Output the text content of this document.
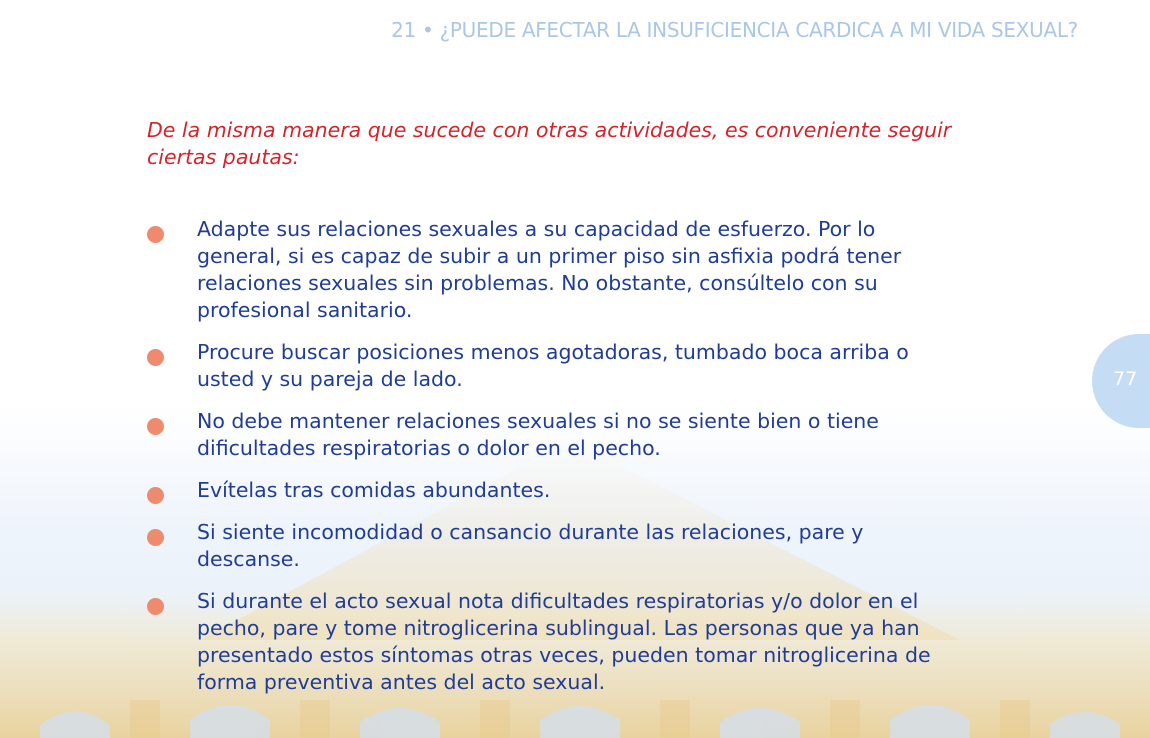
21 • ¿PUEDE AFECTAR LA INSUFICIENCIA CARDICA A MI VIDA SEXUAL?
De la misma manera que sucede con otras actividades, es conveniente seguir ciertas pautas:
Adapte sus relaciones sexuales a su capacidad de esfuerzo. Por lo general, si es capaz de subir a un primer piso sin asfixia podrá tener relaciones sexuales sin problemas. No obstante, consúltelo con su profesional sanitario.
Procure buscar posiciones menos agotadoras, tumbado boca arriba o usted y su pareja de lado.
No debe mantener relaciones sexuales si no se siente bien o tiene dificultades respiratorias o dolor en el pecho.
Evítelas tras comidas abundantes.
Si siente incomodidad o cansancio durante las relaciones, pare y descanse.
Si durante el acto sexual nota dificultades respiratorias y/o dolor en el pecho, pare y tome nitroglicerina sublingual. Las personas que ya han presentado estos síntomas otras veces, pueden tomar nitroglicerina de forma preventiva antes del acto sexual.
77
